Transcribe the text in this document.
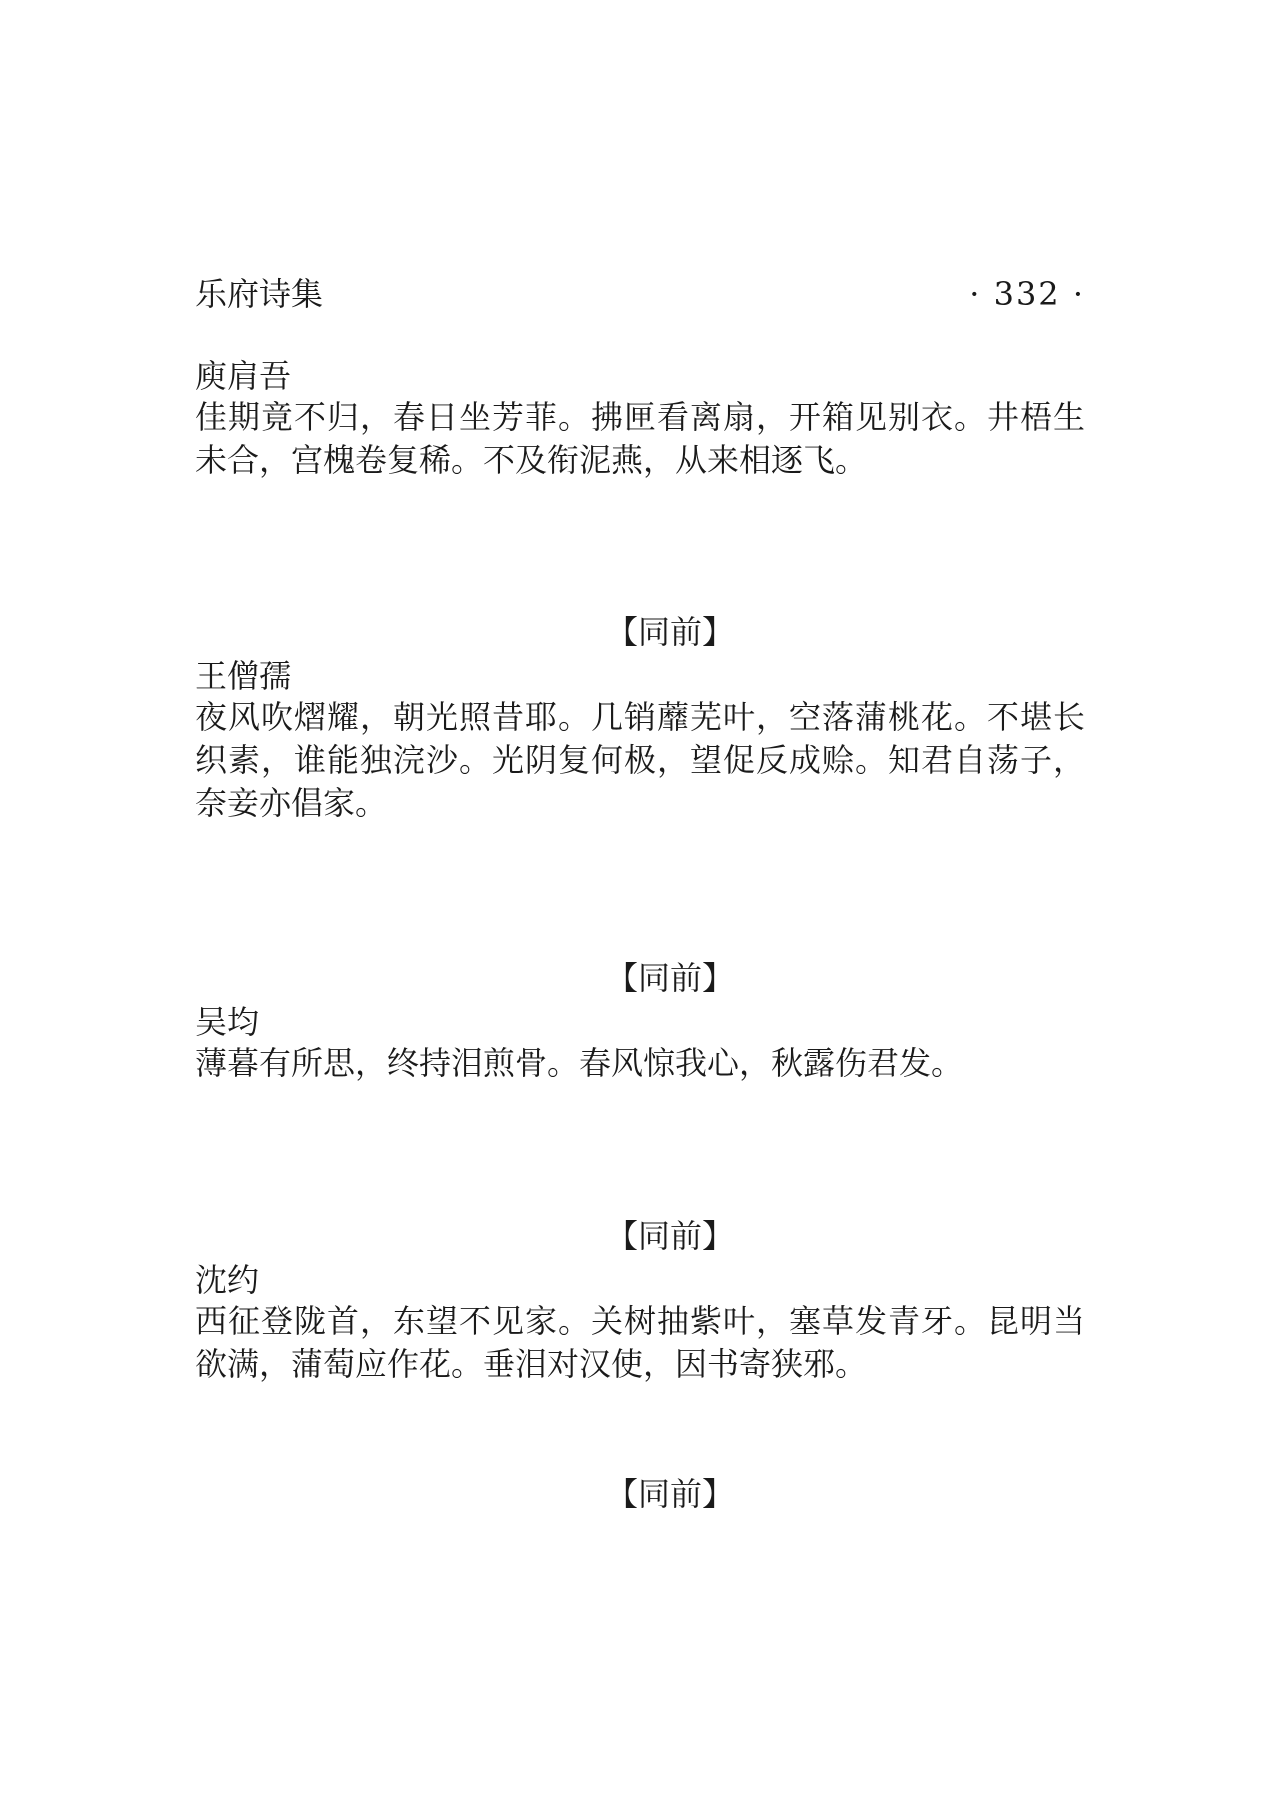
乐府诗集	· 332 ·
庾肩吾
佳期竟不归，春日坐芳菲。拂匣看离扇，开箱见别衣。井梧生未合，宫槐卷复稀。不及衔泥燕，从来相逐飞。
【同前】
王僧孺
夜风吹熠耀，朝光照昔耶。几销蘼芜叶，空落蒲桃花。不堪长织素，谁能独浣沙。光阴复何极，望促反成赊。知君自荡子，奈妾亦倡家。
【同前】
吴均
薄暮有所思，终持泪煎骨。春风惊我心，秋露伤君发。
【同前】
沈约
西征登陇首，东望不见家。关树抽紫叶，塞草发青牙。昆明当欲满，蒲萄应作花。垂泪对汉使，因书寄狭邪。
【同前】
